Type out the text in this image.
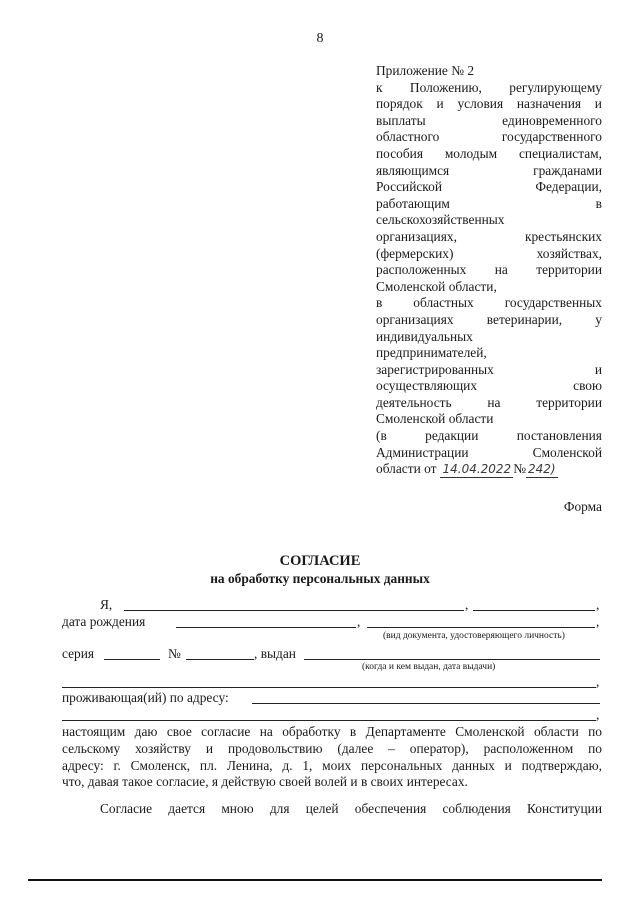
8
Приложение № 2
к Положению, регулирующему
порядок и условия назначения и
выплаты	единовременного
областного	государственного
пособия молодым специалистам,
являющимся	гражданами
Российской	Федерации,
работающим	в
сельскохозяйственных
организациях,	крестьянских
(фермерских)	хозяйствах,
расположенных на территории
Смоленской области,
в областных государственных
организациях ветеринарии, у
индивидуальных
предпринимателей,
зарегистрированных	и
осуществляющих	свою
деятельность	на	территории
Смоленской области
(в	редакции	постановления
Администрации	Смоленской
области от 14.04.2022 № 242)
Форма
СОГЛАСИЕ
на обработку персональных данных
Я,	,	,
дата рождения	,	,
(вид документа, удостоверяющего личность)
серия	№	, выдан
(когда и кем выдан, дата выдачи)
,
проживающая(ий) по адресу:
,
настоящим даю свое согласие на обработку в Департаменте Смоленской области по
сельскому хозяйству и продовольствию (далее – оператор), расположенном по
адресу: г. Смоленск, пл. Ленина, д. 1, моих персональных данных и подтверждаю,
что, давая такое согласие, я действую своей волей и в своих интересах.
Согласие дается мною для целей обеспечения соблюдения Конституции
